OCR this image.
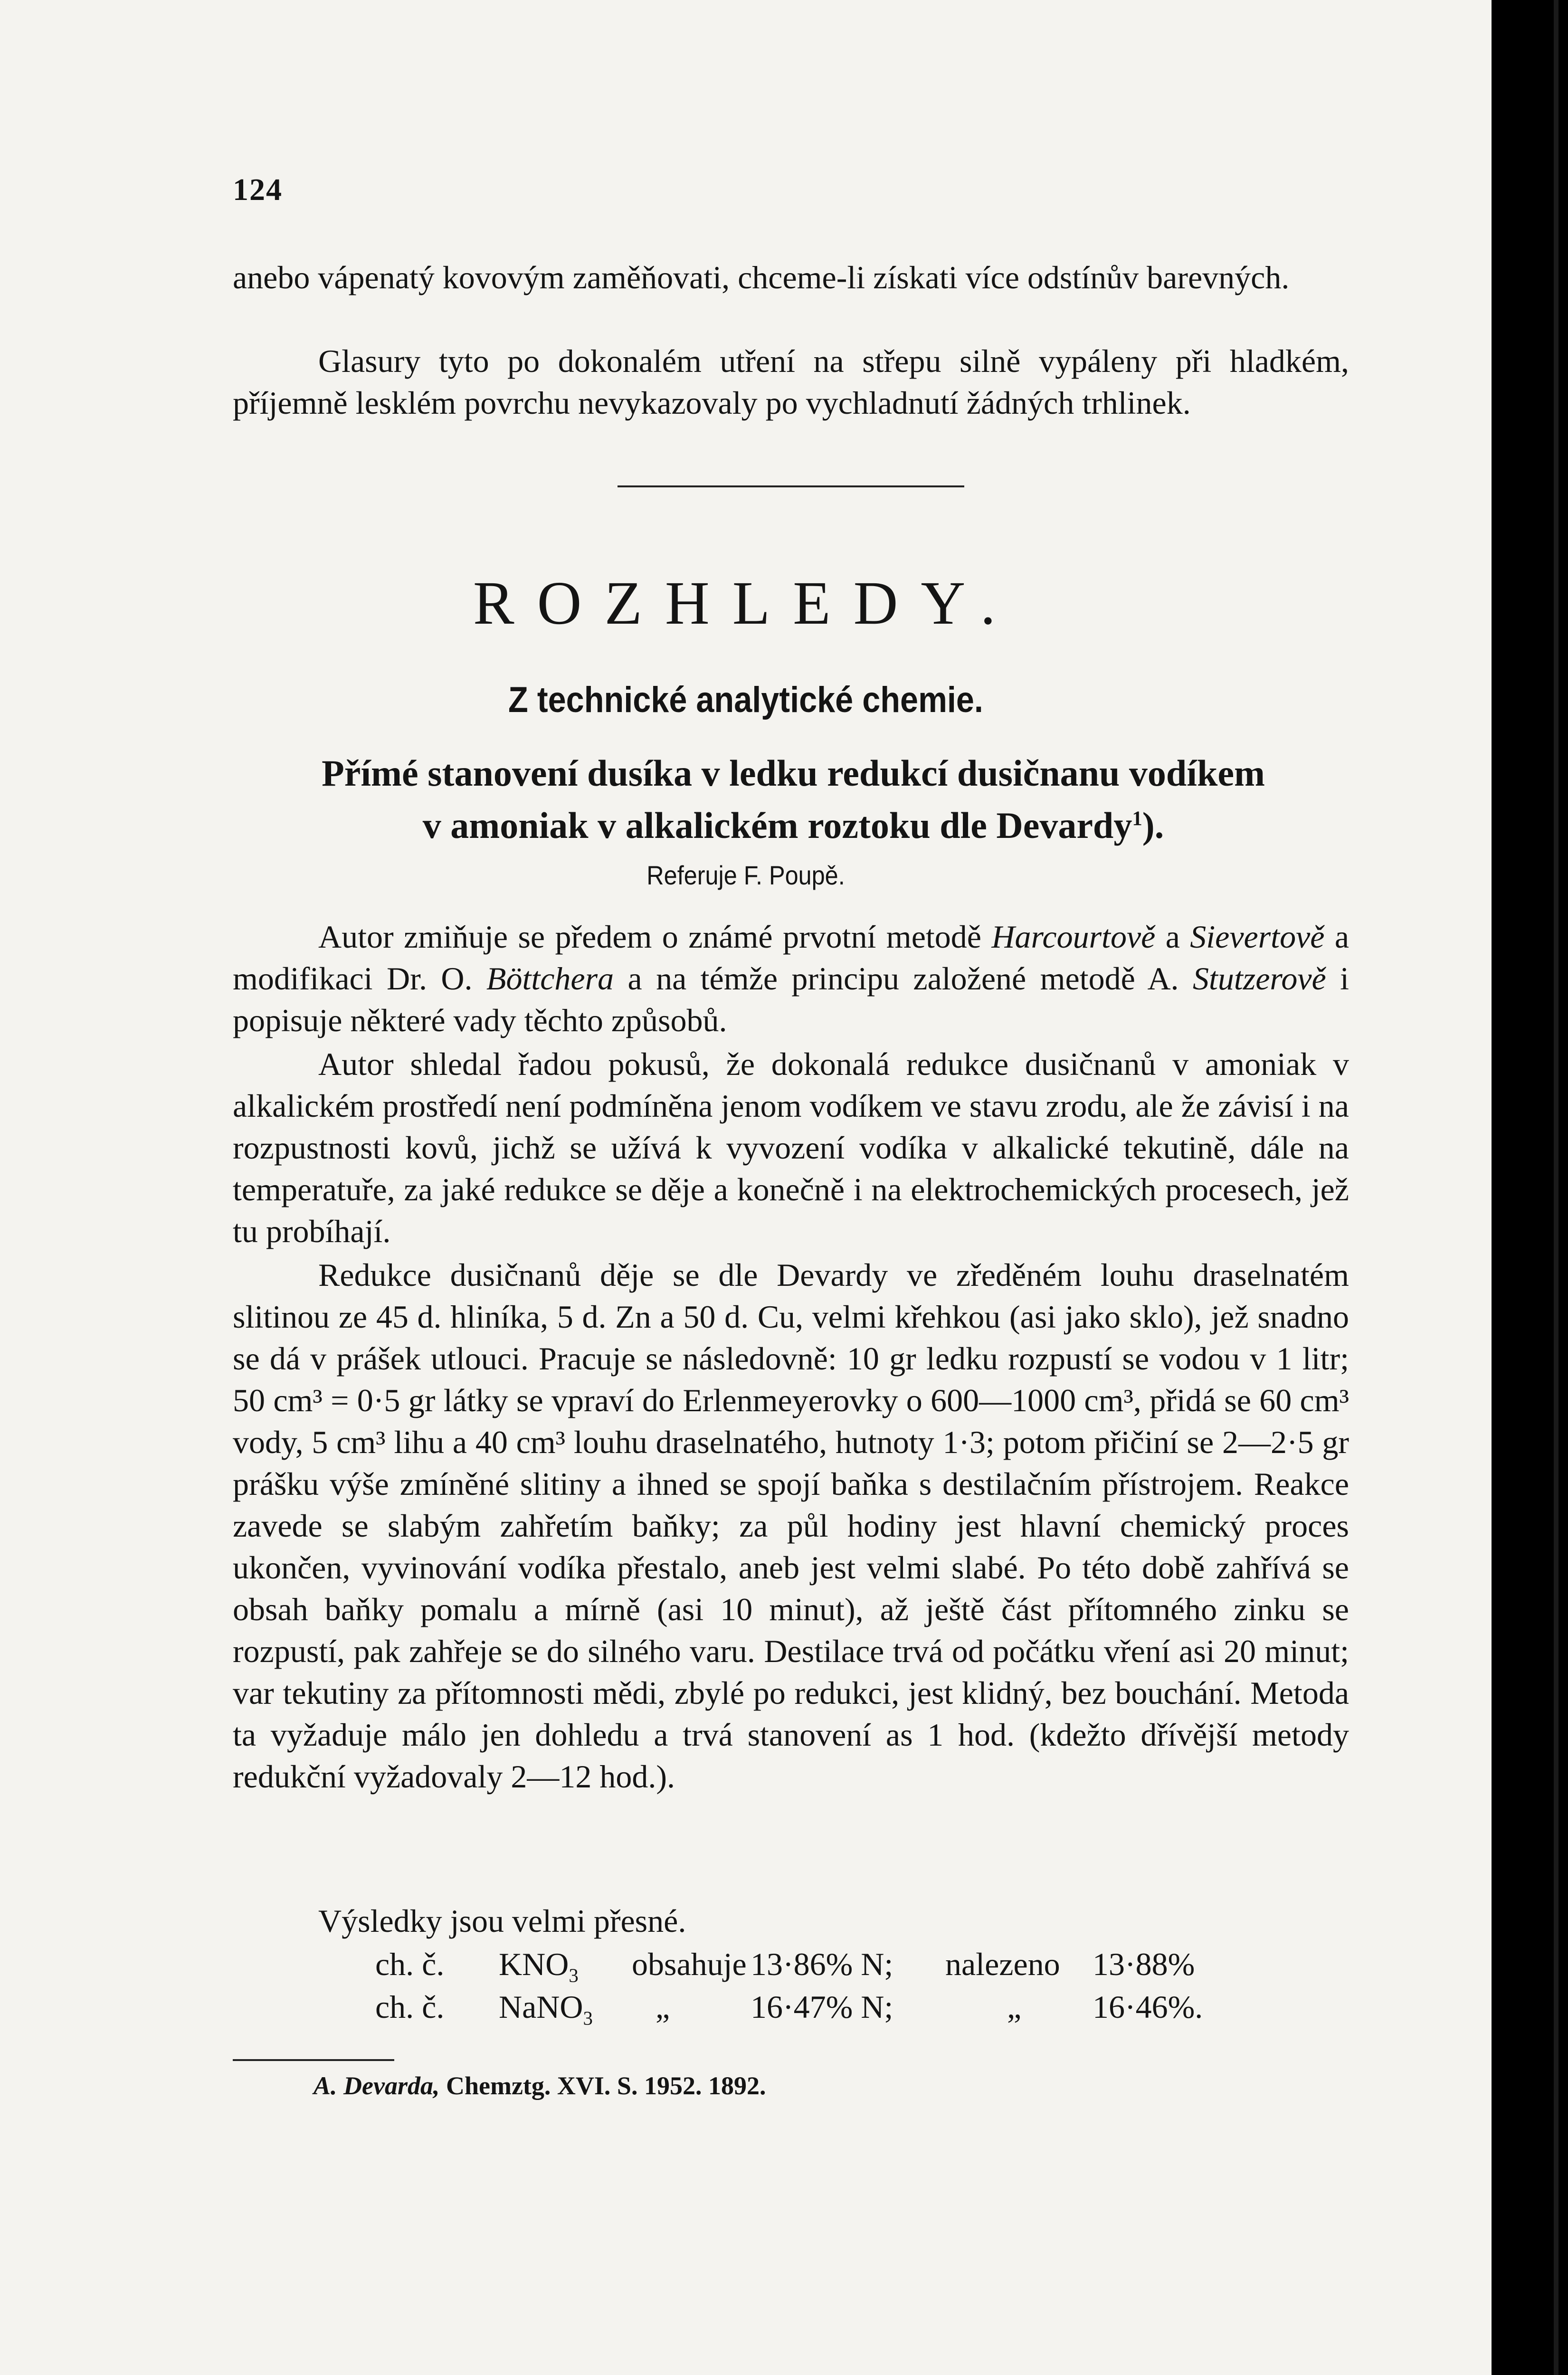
124
anebo vápenatý kovovým zaměňovati, chceme-li získati více odstínův barevných.
Glasury tyto po dokonalém utření na střepu silně vypáleny při hladkém, příjemně lesklém povrchu nevykazovaly po vychladnutí žádných trhlinek.
ROZHLEDY.
Z technické analytické chemie.
Přímé stanovení dusíka v ledku redukcí dusičnanu vodíkem
v amoniak v alkalickém roztoku dle Devardy$^1$).
Referuje F. Poupě.
Autor zmiňuje se předem o známé prvotní metodě Harcourtově a Sievertově a modifikaci Dr. O. Böttchera a na témže principu založené metodě A. Stutzerově i popisuje některé vady těchto způsobů.
Autor shledal řadou pokusů, že dokonalá redukce dusičnanů v amoniak v alkalickém prostředí není podmíněna jenom vodíkem ve stavu zrodu, ale že závisí i na rozpustnosti kovů, jichž se užívá k vyvození vodíka v alkalické tekutině, dále na temperatuře, za jaké redukce se děje a konečně i na elektrochemických procesech, jež tu probíhají.
Redukce dusičnanů děje se dle Devardy ve zředěném louhu draselnatém slitinou ze 45 d. hliníka, 5 d. Zn a 50 d. Cu, velmi křehkou (asi jako sklo), jež snadno se dá v prášek utlouci. Pracuje se následovně: 10 gr ledku rozpustí se vodou v 1 litr; 50 cm³ = 0·5 gr látky se vpraví do Erlenmeyerovky o 600—1000 cm³, přidá se 60 cm³ vody, 5 cm³ lihu a 40 cm³ louhu draselnatého, hutnoty 1·3; potom přičiní se 2—2·5 gr prášku výše zmíněné slitiny a ihned se spojí baňka s destilačním přístrojem. Reakce zavede se slabým zahřetím baňky; za půl hodiny jest hlavní chemický proces ukončen, vyvinování vodíka přestalo, aneb jest velmi slabé. Po této době zahřívá se obsah baňky pomalu a mírně (asi 10 minut), až ještě část přítomného zinku se rozpustí, pak zahřeje se do silného varu. Destilace trvá od počátku vření asi 20 minut; var tekutiny za přítomnosti mědi, zbylé po redukci, jest klidný, bez bouchání. Metoda ta vyžaduje málo jen dohledu a trvá stanovení as 1 hod. (kdežto dřívější metody redukční vyžadovaly 2—12 hod.).
Výsledky jsou velmi přesné.
ch. č. $KNO_3$ obsahuje 13·86% N; nalezeno 13·88%
ch. č. NaNO$_3$ „ 16·47% N;	„ 16·46%.
A. Devarda, Chemztg. XVI. S. 1952. 1892.
